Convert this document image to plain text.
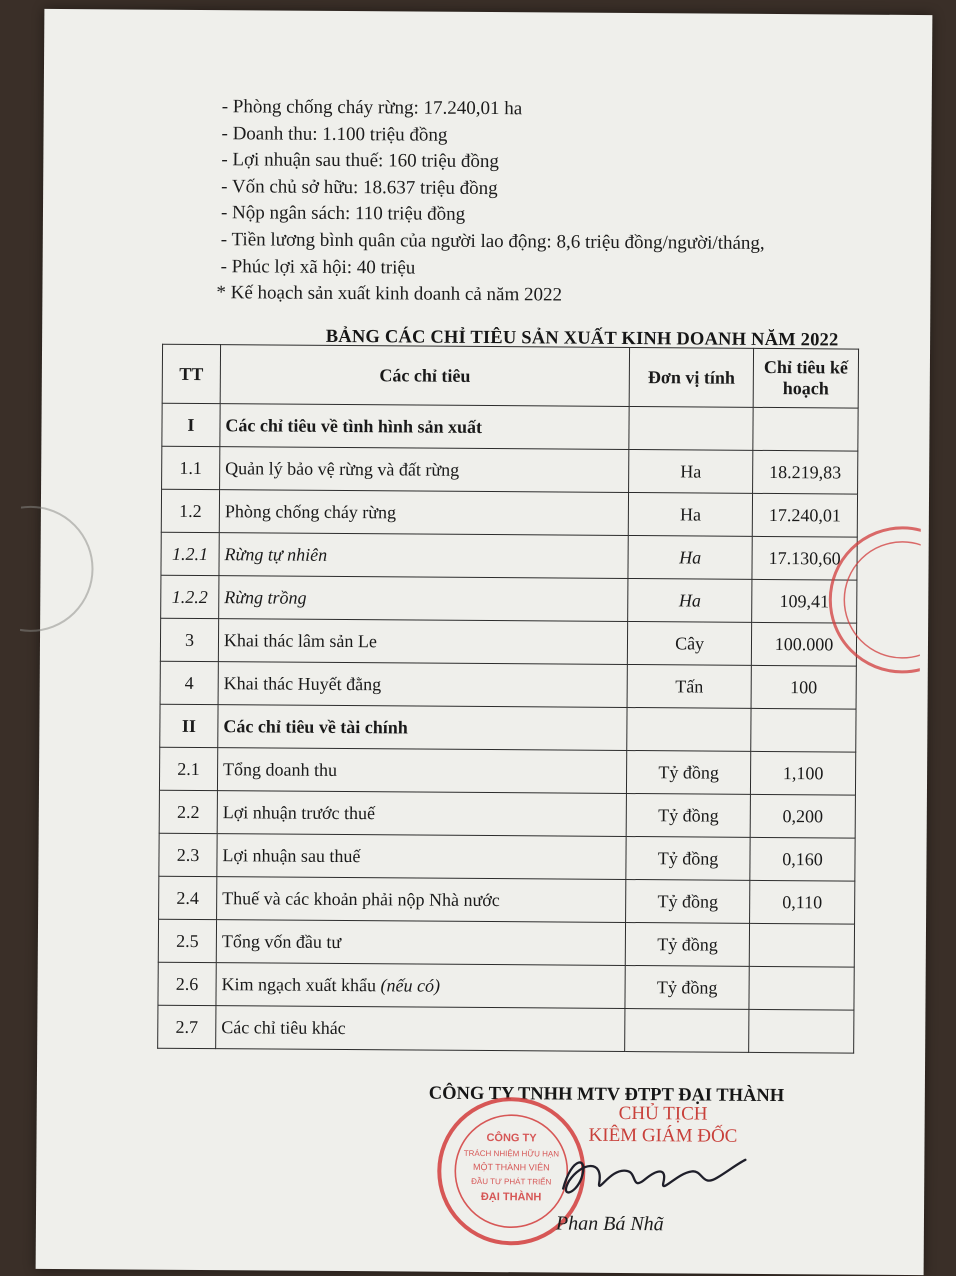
- Phòng chống cháy rừng: 17.240,01 ha
- Doanh thu: 1.100 triệu đồng
- Lợi nhuận sau thuế: 160 triệu đồng
- Vốn chủ sở hữu: 18.637 triệu đồng
- Nộp ngân sách: 110 triệu đồng
- Tiền lương bình quân của người lao động: 8,6 triệu đồng/người/tháng,
- Phúc lợi xã hội: 40 triệu
* Kế hoạch sản xuất kinh doanh cả năm 2022
BẢNG CÁC CHỈ TIÊU SẢN XUẤT KINH DOANH NĂM 2022
TT	Các chỉ tiêu	Đơn vị tính	Chỉ tiêu kế hoạch
I	Các chỉ tiêu về tình hình sản xuất		
1.1	Quản lý bảo vệ rừng và đất rừng	Ha	18.219,83
1.2	Phòng chống cháy rừng	Ha	17.240,01
1.2.1	Rừng tự nhiên	Ha	17.130,60
1.2.2	Rừng trồng	Ha	109,41
3	Khai thác lâm sản Le	Cây	100.000
4	Khai thác Huyết đằng	Tấn	100
II	Các chỉ tiêu về tài chính		
2.1	Tổng doanh thu	Tỷ đồng	1,100
2.2	Lợi nhuận trước thuế	Tỷ đồng	0,200
2.3	Lợi nhuận sau thuế	Tỷ đồng	0,160
2.4	Thuế và các khoản phải nộp Nhà nước	Tỷ đồng	0,110
2.5	Tổng vốn đầu tư	Tỷ đồng	
2.6	Kim ngạch xuất khẩu (nếu có)	Tỷ đồng	
2.7	Các chỉ tiêu khác		
CÔNG TY TNHH MTV ĐTPT ĐẠI THÀNH
CHỦ TỊCH
KIÊM GIÁM ĐỐC
CÔNG TY
TRÁCH NHIỆM HỮU HẠN
MỘT THÀNH VIÊN
ĐẦU TƯ PHÁT TRIỂN
ĐẠI THÀNH
Phan Bá Nhã
